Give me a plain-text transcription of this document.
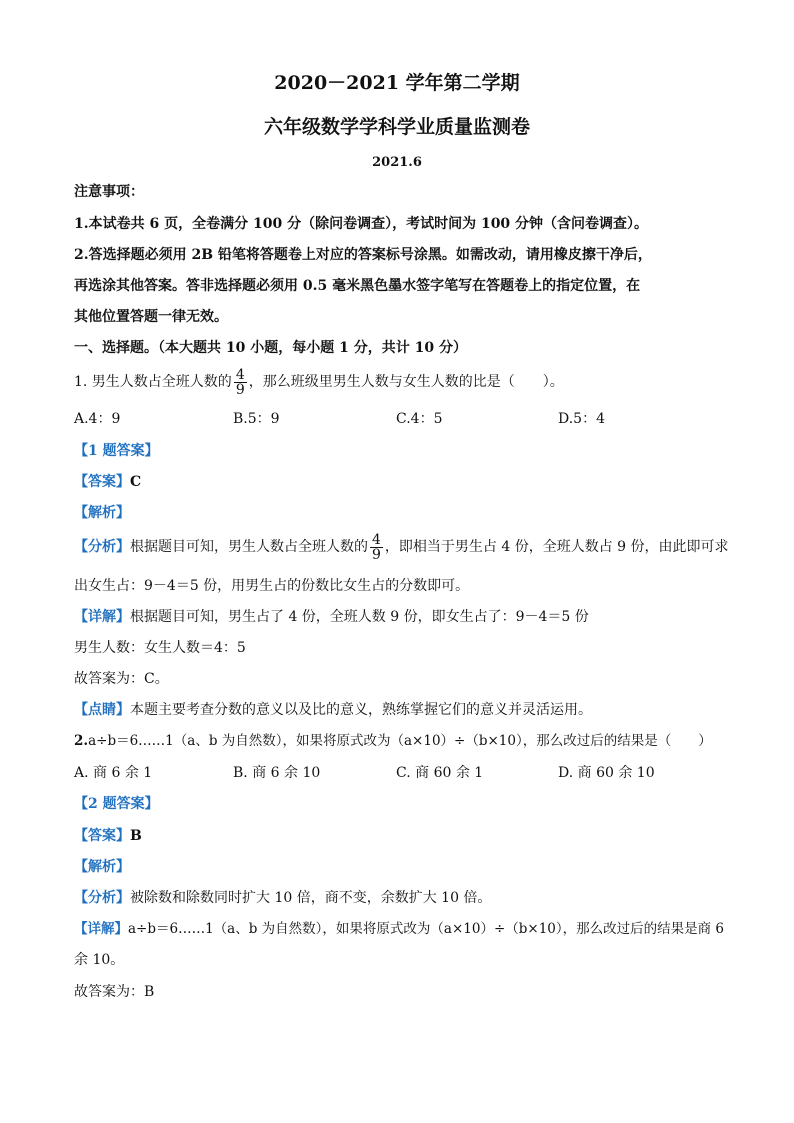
2020－2021 学年第二学期
六年级数学学科学业质量监测卷
2021.6
注意事项：
1.本试卷共 6 页，全卷满分 100 分（除问卷调查），考试时间为 100 分钟（含问卷调查）。
2.答选择题必须用 2B 铅笔将答题卷上对应的答案标号涂黑。如需改动，请用橡皮擦干净后，
再选涂其他答案。答非选择题必须用 0.5 毫米黑色墨水签字笔写在答题卷上的指定位置，在
其他位置答题一律无效。
一、选择题。（本大题共 10 小题，每小题 1 分，共计 10 分）
1. 男生人数占全班人数的 $\frac{4}{9}$ ，那么班级里男生人数与女生人数的比是（　　）。
A.4：9	B.5：9	C.4：5	D.5：4
【1 题答案】
【答案】C
【解析】
【分析】根据题目可知，男生人数占全班人数的 $\frac{4}{9}$ ，即相当于男生占 4 份，全班人数占 9 份，由此即可求
出女生占：9－4＝5 份，用男生占的份数比女生占的分数即可。
【详解】根据题目可知，男生占了 4 份，全班人数 9 份，即女生占了：9－4＝5 份
男生人数：女生人数＝4：5
故答案为：C。
【点睛】本题主要考查分数的意义以及比的意义，熟练掌握它们的意义并灵活运用。
2.a÷b＝6……1（a、b 为自然数），如果将原式改为（a×10）÷（b×10），那么改过后的结果是（　　）
A. 商 6 余 1	B. 商 6 余 10	C. 商 60 余 1	D. 商 60 余 10
【2 题答案】
【答案】B
【解析】
【分析】被除数和除数同时扩大 10 倍，商不变，余数扩大 10 倍。
【详解】a÷b＝6……1（a、b 为自然数），如果将原式改为（a×10）÷（b×10），那么改过后的结果是商 6
余 10。
故答案为：B
